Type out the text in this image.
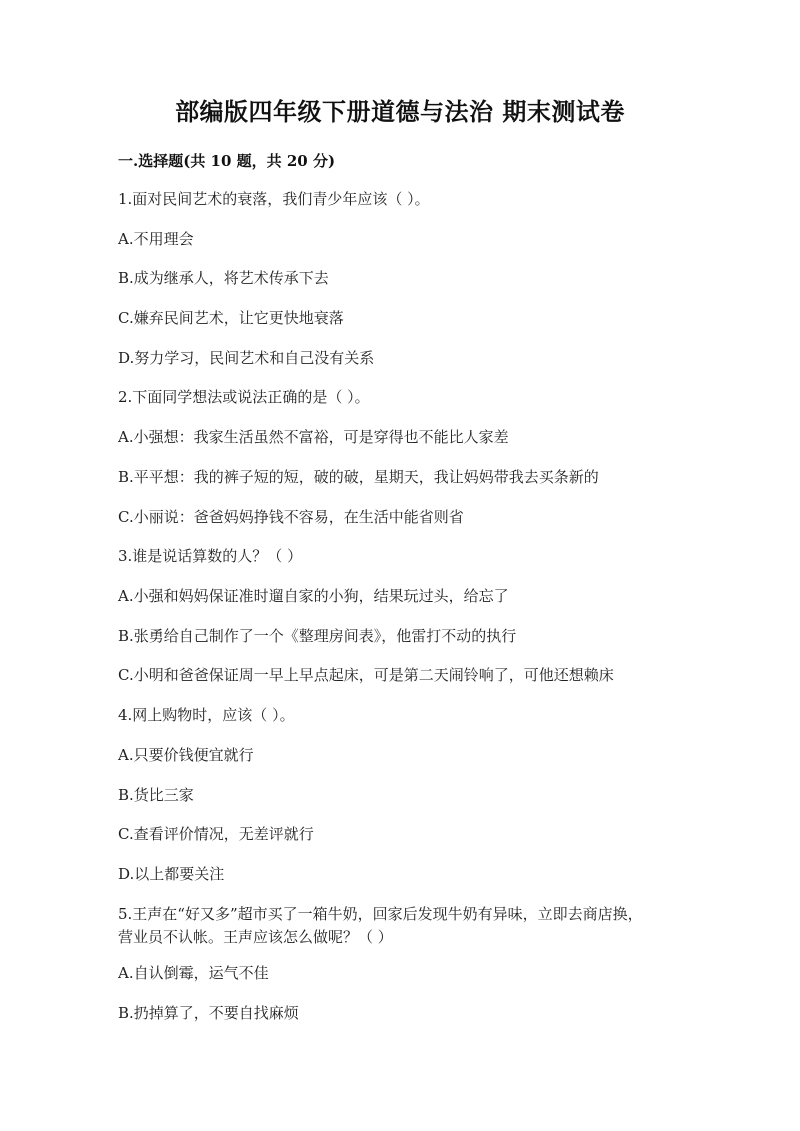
部编版四年级下册道德与法治 期末测试卷
一.选择题(共 10 题，共 20 分)
1.面对民间艺术的衰落，我们青少年应该（ ）。
A.不用理会
B.成为继承人，将艺术传承下去
C.嫌弃民间艺术，让它更快地衰落
D.努力学习，民间艺术和自己没有关系
2.下面同学想法或说法正确的是（ ）。
A.小强想：我家生活虽然不富裕，可是穿得也不能比人家差
B.平平想：我的裤子短的短，破的破，星期天，我让妈妈带我去买条新的
C.小丽说：爸爸妈妈挣钱不容易，在生活中能省则省
3.谁是说话算数的人？（ ）
A.小强和妈妈保证准时遛自家的小狗，结果玩过头，给忘了
B.张勇给自己制作了一个《整理房间表》，他雷打不动的执行
C.小明和爸爸保证周一早上早点起床，可是第二天闹铃响了，可他还想赖床
4.网上购物时，应该（ ）。
A.只要价钱便宜就行
B.货比三家
C.查看评价情况，无差评就行
D.以上都要关注
5.王声在“好又多”超市买了一箱牛奶，回家后发现牛奶有异味，立即去商店换，营业员不认帐。王声应该怎么做呢？（ ）
A.自认倒霉，运气不佳
B.扔掉算了，不要自找麻烦
